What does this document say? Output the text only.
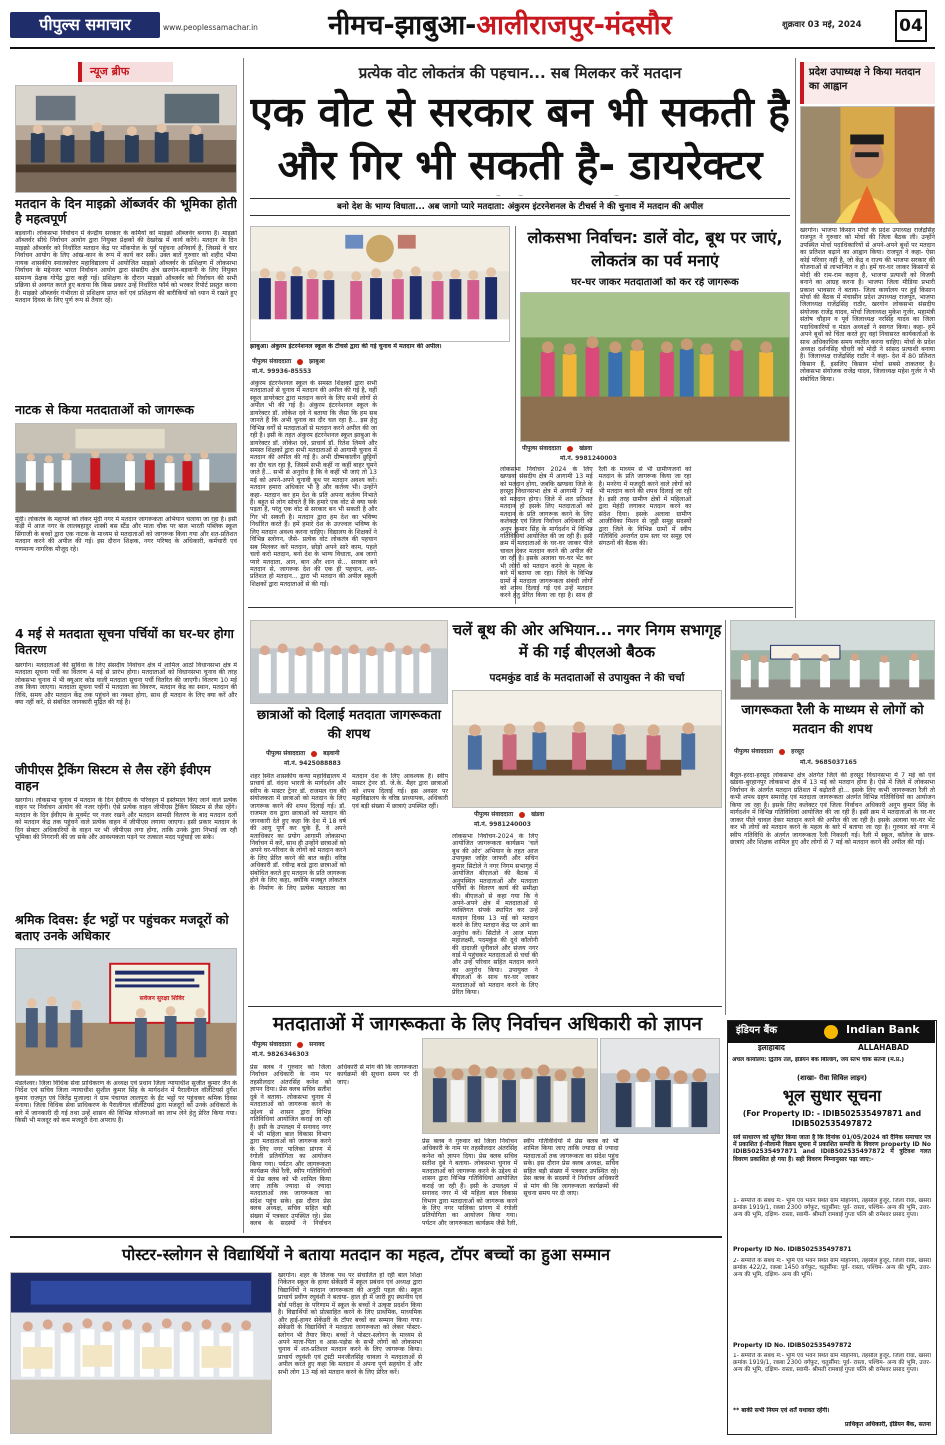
पीपुल्स समाचार	www.peoplessamachar.in	नीमच-झाबुआ-आलीराजपुर-मंदसौर	शुक्रवार 03 मई, 2024 04
न्यूज ब्रीफ
मतदान के दिन माइक्रो ऑब्जर्वर की भूमिका होती है महत्वपूर्ण
बड़वानी। लोकसभा निर्वाचन में केन्द्रीय सरकार के कर्मियों को माइक्रो ऑब्जर्वर बनाया है। माइक्रो ऑब्जर्वर सीधे निर्वाचन आयोग द्वारा नियुक्त प्रेक्षकों की देखरेख में कार्य करेंगे। मतदान के दिन माइक्रो ऑब्जर्वर को निर्धारित मतदान केंद्र पर मॉकपोल के पूर्व पहुंचना अनिवार्य है, जिससे वे चार निर्वाचन आयोग के लिए आंख-कान के रूप में कार्य कर सकें। उक्त बातें गुरुवार को शहीद भीमा नायक शासकीय स्नातकोत्तर महाविद्यालय में आयोजित माइक्रो ऑब्जर्वर के प्रशिक्षण में लोकसभा निर्वाचन के मद्देनजर भारत निर्वाचन आयोग द्वारा संसदीय क्षेत्र खरगोन-बड़वानी के लिए नियुक्त सामान्य प्रेक्षक गोपेंद्र द्वारा कही गई। प्रशिक्षण के दौरान माइक्रो ऑब्जर्वर को निर्वाचन की सभी प्रक्रिया से अवगत करते हुए बताया कि किस प्रकार उन्हें निर्धारित फॉर्म को भरकर रिपोर्ट प्रस्तुत करना है। माइक्रो ऑब्जर्वर गंभीरता से प्रशिक्षण प्राप्त करें एवं प्रशिक्षण की बारीकियों को ध्यान में रखते हुए मतदान दिवस के लिए पूर्ण रूप से तैयार रहें।
नाटक से किया मतदाताओं को जागरूक
मूंदी। लोकतंत्र के महापर्व को लेकर मूंदी नगर में मतदान जागरूकता अभियान चलाया जा रहा है। इसी कड़ी में आज नगर के लालबहादुर शास्त्री बस स्टैंड और माता चौक पर बाल भारती पब्लिक स्कूल सिंगाजी के बच्चों द्वारा एक नाटक के माध्यम से मतदाताओं को जागरूक किया गया और शत-प्रतिशत मतदान करने की अपील की गई। इस दौरान शिक्षक, नगर परिषद के अधिकारी, कर्मचारी एवं गणमान्य नागरिक मौजूद रहे।
4 मई से मतदाता सूचना पर्चियों का घर-घर होगा वितरण
खरगोन। मतदाताओं की सुविधा के लिए संसदीय निर्वाचन क्षेत्र में शामिल आठों विधानसभा क्षेत्र में मतदाता सूचना पर्ची का वितरण 4 मई से प्रारंभ होगा। मतदाताओं को विधानसभा चुनाव की तरह लोकसभा चुनाव में भी क्यूआर कोड वाली मतदाता सूचना पर्ची वितरित की जाएगी। वितरण 10 मई तक किया जाएगा। मतदाता सूचना पर्ची में मतदाता का विवरण, मतदान केंद्र का स्थान, मतदान की तिथि, समय और मतदान केंद्र तक पहुंचने का नक्शा होगा, साथ ही मतदान के लिए क्या करें और क्या नहीं करें, से संबंधित जानकारी मुद्रित की गई है।
जीपीएस ट्रैकिंग सिस्टम से लैस रहेंगे ईवीएम वाहन
खरगोन। लोकसभा चुनाव में मतदान के दिन ईवीएम के परिवहन में इस्तेमाल किए जाने वाले प्रत्येक वाहन पर निर्वाचन आयोग की नजर रहेगी। ऐसे प्रत्येक वाहन जीपीएस ट्रैकिंग सिस्टम से लैस रहेंगे। मतदान के दिन ईवीएम के मूवमेंट पर नजर रखने और मतदान सामग्री वितरण के बाद मतदान दलों को मतदान केंद्र तक पहुंचने वाले प्रत्येक वाहन में जीपीएस लगाया जाएगा। इसी प्रकार मतदान के दिन सेक्टर अधिकारियों के वाहन पर भी जीपीएस लगा होगा, ताकि उनके द्वारा निभाई जा रही भूमिका की निगरानी की जा सके और आवश्यकता पड़ने पर तत्काल मदद पहुंचाई जा सके।
श्रमिक दिवस: ईंट भट्ठों पर पहुंचकर मजदूरों को बताए उनके अधिकार
सर्वजन सुरक्षा शिविर
मंडलेश्वर। जिला विधिक सेवा प्राधिकरण के अध्यक्ष एवं प्रधान जिला न्यायाधीश सुजीत कुमार जैन के निर्देश एवं सचिव जिला न्यायाधीश सुशील कुमार सिंह के मार्गदर्शन में पैरालीगल वॉलेंटियर्स दुर्गेश कुमार राजपूत एवं जितेंद्र मुजाल्दा ने ग्राम पंचायत लालपुरा के ईंट भट्ठों पर पहुंचकर श्रमिक दिवस मनाया। जिला विधिक सेवा प्राधिकरण के पैरालीगल वॉलेंटियर्स द्वारा मजदूरों को उनके अधिकारों के बारे में जानकारी दी गई तथा उन्हें शासन की विभिन्न योजनाओं का लाभ लेने हेतु प्रेरित किया गया। किसी भी मजदूर को कम मजदूरी देना अपराध है।
प्रत्येक वोट लोकतंत्र की पहचान... सब मिलकर करें मतदान
एक वोट से सरकार बन भी सकती है और गिर भी सकती है- डायरेक्टर
बनो देश के भाग्य विधाता... अब जागो प्यारे मतदाता: अंकुरम इंटरनेशनल के टीचर्स ने की चुनाव में मतदान की अपील
झाबुआ। अंकुरम इंटरनेशनल स्कूल के टीचर्स द्वारा की गई चुनाव में मतदान की अपील।
पीपुल्स संवाददाता	झाबुआ
मो.नं. 99936-85553
अंकुरम इंटरनेशनल स्कूल के समस्त शिक्षकों द्वारा सभी मतदाताओं से चुनाव में मतदान की अपील की गई है, वहीं स्कूल डायरेक्टर द्वारा मतदान करने के लिए सभी लोगों से अपील भी की गई है। अंकुरम इंटरनेशनल स्कूल के डायरेक्टर डॉ. लोकेश दवे ने बताया कि जैसा कि हम सब जानते हैं कि अभी चुनाव का दौर चल रहा है... इस हेतु विभिन्न वर्गों से मतदाताओं से मतदान करने अपील की जा रही है। इसी के तहत अंकुरम इंटरनेशनल स्कूल झाबुआ के डायरेक्टर डॉ. लोकेश दवे, प्राचार्य डॉ. रितेश लिमये और समस्त शिक्षकों द्वारा सभी मतदाताओं से आगामी चुनाव में मतदान की अपील की गई है। अभी ग्रीष्मकालीन छुट्टियों का दौर चल रहा है, जिसमें सभी कहीं ना कहीं बाहर घूमने जाते हैं... सभी से अनुरोध है कि वे कहीं भी जाएं तो 13 मई को अपने-अपने चुनावी बूथ पर मतदान अवश्य करें। मतदान हमारा अधिकार भी है और कर्तव्य भी। उन्होंने कहा- मतदान कर हम देश के प्रति अपना कर्तव्य निभाते हैं। बहुत से लोग सोचते हैं कि हमारे एक वोट से क्या फर्क पड़ता है, परंतु एक वोट से सरकार बन भी सकती है और गिर भी सकती है। मतदान द्वारा हम देश का भविष्य निर्धारित करते हैं। हमें हमारे देश के उज्ज्वल भविष्य के लिए मतदान अवश्य करना चाहिए। विद्यालय के शिक्षकों ने विभिन्न स्लोगन, जैसे- प्रत्येक वोट लोकतंत्र की पहचान सब मिलकर करें मतदान, छोड़ो अपने सारे काम, पहले चलो करो मतदान, बनो देश के भाग्य विधाता, अब जागो प्यारे मतदाता, आन, बान और शान से... सरकार बने मतदान से, जागरूक देश की एक ही पहचान, शत-प्रतिशत हो मतदान... द्वारा भी मतदान की अपील स्कूली शिक्षकों द्वारा मतदाताओं से की गई।
लोकसभा निर्वाचन: डालें वोट, बूथ पर जाएं, लोकतंत्र का पर्व मनाएं
घर-घर जाकर मतदाताओं को कर रहे जागरूक
पीपुल्स संवाददाता	खंडवा
मो.नं. 9981240003
लोकसभा निर्वाचन 2024 के लिए खण्डवा संसदीय क्षेत्र में आगामी 13 मई को मतदान होगा, जबकि खण्डवा जिले के हरसूद विधानसभा क्षेत्र में आगामी 7 मई को मतदान होगा। जिले में शत प्रतिशत मतदान हो इसके लिए मतदाताओं को मतदान के प्रति जागरूक करने के लिए कलेक्टर एवं जिला निर्वाचन अधिकारी श्री अनूप कुमार सिंह के मार्गदर्शन में विभिन्न गतिविधियां आयोजित की जा रही हैं। इसी क्रम में मतदाताओं के घर-घर जाकर पीले चावल देकर मतदान करने की अपील की जा रही है। इसके अलावा घर-घर भेंट कर भी लोगों को मतदान करने के महत्व के बारे में बताया जा रहा। जिले के विभिन्न ग्रामों में मतदाता जागरूकता संबंधी लोगों को शपथ दिलाई गई एवं उन्हें मतदान करने हेतु प्रेरित किया जा रहा है। साथ ही रैली के माध्यम से भी ग्रामीणजनों को मतदान के प्रति जागरूक किया जा रहा है। मनरेगा में मजदूरी करने वाले लोगों को भी मतदान करने की शपथ दिलाई जा रही है। इसी तरह ग्रामीण क्षेत्रों में महिलाओं द्वारा मेहंदी लगाकर मतदान करने का संदेश दिया। इसके अलावा ग्रामीण आजीविका मिशन से जुड़ी समूह सदस्यों द्वारा जिले के विभिन्न ग्रामों में स्वीप गतिविधि अन्तर्गत ग्राम स्तर पर समूह एवं संगठनों की बैठक की।
प्रदेश उपाध्यक्ष ने किया मतदान का आह्वान
खरगोन। भाजपा किसान मोर्चा के प्रदेश उपाध्यक्ष राजेंद्रसिंह राजपूत ने गुरुवार को मोर्चा की जिला बैठक ली। उन्होंने उपस्थित मोर्चा पदाधिकारियों से अपने-अपने बूथों पर मतदान का प्रतिशत बढ़ाने का आह्वान किया। राजपूत ने कहा- ऐसा कोई परिवार नहीं है, जो केंद्र व राज्य की भाजपा सरकार की योजनाओं से लाभान्वित न हो। हमें घर-घर जाकर किसानों से मोदी की राम-राम कहना है, भाजपा प्रत्याशी को विजयी बनाने का आग्रह करना है। भाजपा जिला मीडिया प्रभारी प्रकाश भावसार ने बताया- जिला कार्यालय पर हुई किसान मोर्चा की बैठक में मंचासीन प्रदेश उपाध्यक्ष राजपूत, भाजपा जिलाध्यक्ष राजेंद्रसिंह राठौर, खरगोन लोकसभा संसदीय संयोजक राजेंद्र यादव, मोर्चा जिलाध्यक्ष मुकेश गुर्जर, महामंत्री संतोष चौहान व पूर्व जिलाध्यक्ष नरसिंह यादव का जिला पदाधिकारियों व मंडल अध्यक्षों ने स्वागत किया। कहा- हमें अपने बूथों को चिंता करते हुए वहां निवासरत कार्यकर्ताओं के साथ अधिकाधिक समय व्यतीत करना चाहिए। मोर्चा के प्रदेश अध्यक्ष दर्शनसिंह चौधरी को मोदी ने सांसद प्रत्याशी बनाया है। जिलाध्यक्ष राजेंद्रसिंह राठौर ने कहा- देश में 80 प्रतिशत किसान हैं, इसलिए किसान मोर्चा सबसे ताकतवर है। लोकसभा संयोजक राजेंद्र यादव, जिलाध्यक्ष महेश गुर्जर ने भी संबोधित किया।
छात्राओं को दिलाई मतदाता जागरूकता की शपथ
पीपुल्स संवाददाता	बड़वानी
मो.नं. 9425088883
शहर स्थित शासकीय कन्या महाविद्यालय में प्राचार्य डॉ. वंदना भारती के मार्गदर्शन और स्वीप के मास्टर ट्रेनर डॉ. राजमल राव की संयोजकता में छात्राओं को मतदान के लिए जागरूक करने की शपथ दिलाई गई। डॉ. राजमल राव द्वारा छात्राओं को मतदान की जानकारी देते हुए कहा कि देश में 18 वर्ष की आयु पूर्ण कर चुके हैं, वे अपने मताधिकार का प्रयोग आगामी लोकसभा निर्वाचन में करें, साथ ही उन्होंने छात्राओं को अपने घर-परिवार के लोगों को मतदान करने के लिए प्रेरित करने की बात कही। वरिष्ठ अधिकारी डॉ. रवीन्द्र बरडे द्वारा छात्राओं को संबोधित करते हुए मतदान के प्रति जागरूक होने के लिए कहा, क्योंकि मजबूत लोकतंत्र के निर्माण के लिए प्रत्येक मतदाता का मतदान देश के लिए आवश्यक है। स्वीप मास्टर ट्रेनर डॉ. जे.के. मैहर द्वारा छात्राओं को शपथ दिलाई गई। इस अवसर पर महाविद्यालय के वरिष्ठ प्राध्यापक, अधिकारी एवं बड़ी संख्या में छात्राएं उपस्थित रहीं।
चलें बूथ की ओर अभियान... नगर निगम सभागृह में की गई बीएलओ बैठक
पदमकुंड वार्ड के मतदाताओं से उपायुक्त ने की चर्चा
पीपुल्स संवाददाता	खंडवा
मो.नं. 9981240003
लोकसभा निर्वाचन-2024 के लिए आयोजित जागरूकता कार्यक्रम 'चलें बूथ की ओर' अभियान के तहत आज उपायुक्त जहिर जाफरी और सचिन कुमार सिटोले ने नगर निगम सभागृह में आयोजित बीएलओ की बैठक में अनुपस्थित मतदाताओं और मतदाता पर्चियों के वितरण कार्य की समीक्षा की। बीएलओ से कहा गया कि वे अपने-अपने क्षेत्र में मतदाताओं से व्यक्तिगत संपर्क स्थापित कर उन्हें मतदान दिवस 13 मई को मतदान करने के लिए मतदान केंद्र पर आने का अनुरोध करें। सिटोले ने आज माता महालक्ष्मी, पदमकुंड की दूधे कॉलोनी की दादाजी धूनीवाले और संजय नगर वार्ड में पहुंचकर मतदाताओं से चर्चा की और उन्हें परिवार सहित मतदान करने का अनुरोध किया। उपायुक्त ने बीएलओ के साथ घर-घर जाकर मतदाताओं को मतदान करने के लिए प्रेरित किया।
जागरूकता रैली के माध्यम से लोगों को मतदान की शपथ
पीपुल्स संवाददाता	हरसूद
मो.नं. 9685037165
बैतूल-हरदा-हरसूद लोकसभा क्षेत्र अंतर्गत जिले की हरसूद विधानसभा में 7 मई को एवं खंडवा-बुरहानपुर लोकसभा क्षेत्र में 13 मई को मतदान होगा है। ऐसे में जिले में लोकसभा निर्वाचन के अंतर्गत मतदान प्रतिशत में बढ़ोतरी हो... इसके लिए कभी जागरूकता रैली तो कभी शपथ ग्रहण समारोह एवं मतदाता जागरूकता अंतर्गत विभिन्न गतिविधियों का आयोजन किया जा रहा है। इसके लिए कलेक्टर एवं जिला निर्वाचन अधिकारी अनूप कुमार सिंह के मार्गदर्शन में विभिन्न गतिविधियां आयोजित की जा रही हैं। इसी क्रम में मतदाताओं के घर-घर जाकर पीले चावल देकर मतदान करने की अपील की जा रही है। इसके अलावा घर-घर भेंट कर भी लोगों को मतदान करने के महत्व के बारे में बताया जा रहा है। गुरुवार को नगर में स्वीप गतिविधि के अंतर्गत जागरूकता रैली निकाली गई। रैली में स्कूल, कॉलेज के छात्र-छात्राएं और शिक्षक शामिल हुए और लोगों से 7 मई को मतदान करने की अपील की गई।
मतदाताओं में जागरूकता के लिए निर्वाचन अधिकारी को ज्ञापन
पीपुल्स संवाददाता	सनावद
मो.नं. 9826346303
प्रेस क्लब ने गुरुवार को जिला निर्वाचन अधिकारी के नाम पर तहसीलदार अंतरसिंह कनेश को ज्ञापन दिया। प्रेस क्लब सचिव सतीश दुबे ने बताया- लोकसभा चुनाव में मतदाताओं को जागरूक करने के उद्देश्य से शासन द्वारा विभिन्न गतिविधियां आयोजित कराई जा रही हैं। इसी के उपलक्ष्य में सनावद नगर में भी महिला बाल विकास विभाग द्वारा मतदाताओं को जागरूक करने के लिए नगर पालिका प्रांगण में रंगोली प्रतियोगिता का आयोजन किया गया। पर्यटन और जागरूकता कार्यक्रम जैसे रैली, स्वीप गतिविधियों में प्रेस क्लब को भी शामिल किया जाए ताकि ज्यादा से ज्यादा मतदाताओं तक जागरूकता का संदेश पहुंच सके। इस दौरान प्रेस क्लब अध्यक्ष, सचिव सहित बड़ी संख्या में पत्रकार उपस्थित रहे। प्रेस क्लब के सदस्यों ने निर्वाचन अधिकारी से मांग की कि जागरूकता कार्यक्रमों की सूचना समय पर दी जाए।
प्रेस क्लब ने गुरुवार को जिला निर्वाचन अधिकारी के नाम पर तहसीलदार अंतरसिंह कनेश को ज्ञापन दिया। प्रेस क्लब सचिव सतीश दुबे ने बताया- लोकसभा चुनाव में मतदाताओं को जागरूक करने के उद्देश्य से शासन द्वारा विभिन्न गतिविधियां आयोजित कराई जा रही हैं। इसी के उपलक्ष्य में सनावद नगर में भी महिला बाल विकास विभाग द्वारा मतदाताओं को जागरूक करने के लिए नगर पालिका प्रांगण में रंगोली प्रतियोगिता का आयोजन किया गया। पर्यटन और जागरूकता कार्यक्रम जैसे रैली, स्वीप गतिविधियों में प्रेस क्लब को भी शामिल किया जाए ताकि ज्यादा से ज्यादा मतदाताओं तक जागरूकता का संदेश पहुंच सके। इस दौरान प्रेस क्लब अध्यक्ष, सचिव सहित बड़ी संख्या में पत्रकार उपस्थित रहे। प्रेस क्लब के सदस्यों ने निर्वाचन अधिकारी से मांग की कि जागरूकता कार्यक्रमों की सूचना समय पर दी जाए।
इंडियन बैंक	Indian Bank
इलाहाबाद	ALLAHABAD
अंचल कार्यालय: द्वितीय तल, इंडियन बैंक बिल्डिंग, जय स्तंभ चौक सतना (म.प्र.)
(शाखा- रीवा सिविल लाइन)
भूल सुधार सूचना
(For Property ID: - IDIB502535497871 and IDIB502535497872
सर्व साधारण को सूचित किया जाता है कि दिनांक 01/05/2024 को दैनिक समाचार पत्र में प्रकाशित ई-नीलामी विक्रय सूचना में प्रकाशित सम्पत्ति के विवरण property ID No IDIB502535497871 and IDIB502535497872 में त्रुटिवश गलत विवरण प्रकाशित हो गया है। सही विवरण निम्नानुसार पढ़ा जाए:-
1- सम्पत्ति के संबंध में:- भूमि एवं भवन स्थित ग्राम मोहनिया, तहसील हुजूर, जिला रीवा, खसरा क्रमांक 1919/1, रकबा 2300 वर्गफुट, चतुर्सीमा: पूर्व- रास्ता, पश्चिम- अन्य की भूमि, उत्तर- अन्य की भूमि, दक्षिण- रास्ता, स्वामी- श्रीमती रामबाई गुप्ता पत्नि श्री रामेश्वर प्रसाद गुप्ता।
Property ID No. IDIB502535497871
2- सम्पत्ति के संबंध में:- भूमि एवं भवन स्थित ग्राम मोहनिया, तहसील हुजूर, जिला रीवा, खसरा क्रमांक 422/2, रकबा 1450 वर्गफुट, चतुर्सीमा: पूर्व- रास्ता, पश्चिम- अन्य की भूमि, उत्तर- अन्य की भूमि, दक्षिण- अन्य की भूमि।
Property ID No. IDIB502535497872
1- सम्पत्ति के संबंध में:- भूमि एवं भवन स्थित ग्राम मोहनिया, तहसील हुजूर, जिला रीवा, खसरा क्रमांक 1919/1, रकबा 2300 वर्गफुट, चतुर्सीमा: पूर्व- रास्ता, पश्चिम- अन्य की भूमि, उत्तर- अन्य की भूमि, दक्षिण- रास्ता, स्वामी- श्रीमती रामबाई गुप्ता पत्नि श्री रामेश्वर प्रसाद गुप्ता।
** बाकी सभी नियम एवं शर्तें यथावत रहेंगी।
प्राधिकृत अधिकारी, इंडियन बैंक, सतना
पोस्टर-स्लोगन से विद्यार्थियों ने बताया मतदान का महत्व, टॉपर बच्चों का हुआ सम्मान
खरगोन। शहर के तिलक पथ पर संचालित हो रही बाल शिक्षा निकेतन स्कूल के हायर सेकेंडरी में स्कूल प्रबंधन एवं अध्यक्ष द्वारा विद्यार्थियों ने मतदान जागरूकता की अनूठी पहल की। स्कूल प्राचार्य प्रवीण रघुवंशी ने बताया- हाल ही में जारी हुए स्थानीय एवं बोर्ड परीक्षा के परिणाम में स्कूल के बच्चों ने उत्कृष्ट प्रदर्शन किया है। विद्यार्थियों को प्रोत्साहित करने के लिए प्राथमिक, माध्यमिक और हाई-हायर सेकेंडरी के टॉपर बच्चों का सम्मान किया गया। सेकेंडरी के विद्यार्थियों ने मतदाता जागरूकता को लेकर पोस्टर-स्लोगन भी तैयार किए। बच्चों ने पोस्टर-स्लोगन के माध्यम से अपने माता-पिता व आस-पड़ोस के सभी लोगों को लोकसभा चुनाव में शत-प्रतिशत मतदान करने के लिए जागरूक किया। प्राचार्य रघुवंशी एवं ट्रस्टी मनजीतसिंह चावला ने मतदाताओं से अपील करते हुए कहा कि मतदान में अपना पूर्ण सहयोग दें और सभी लोग 13 मई को मतदान करने के लिए प्रेरित करें।
